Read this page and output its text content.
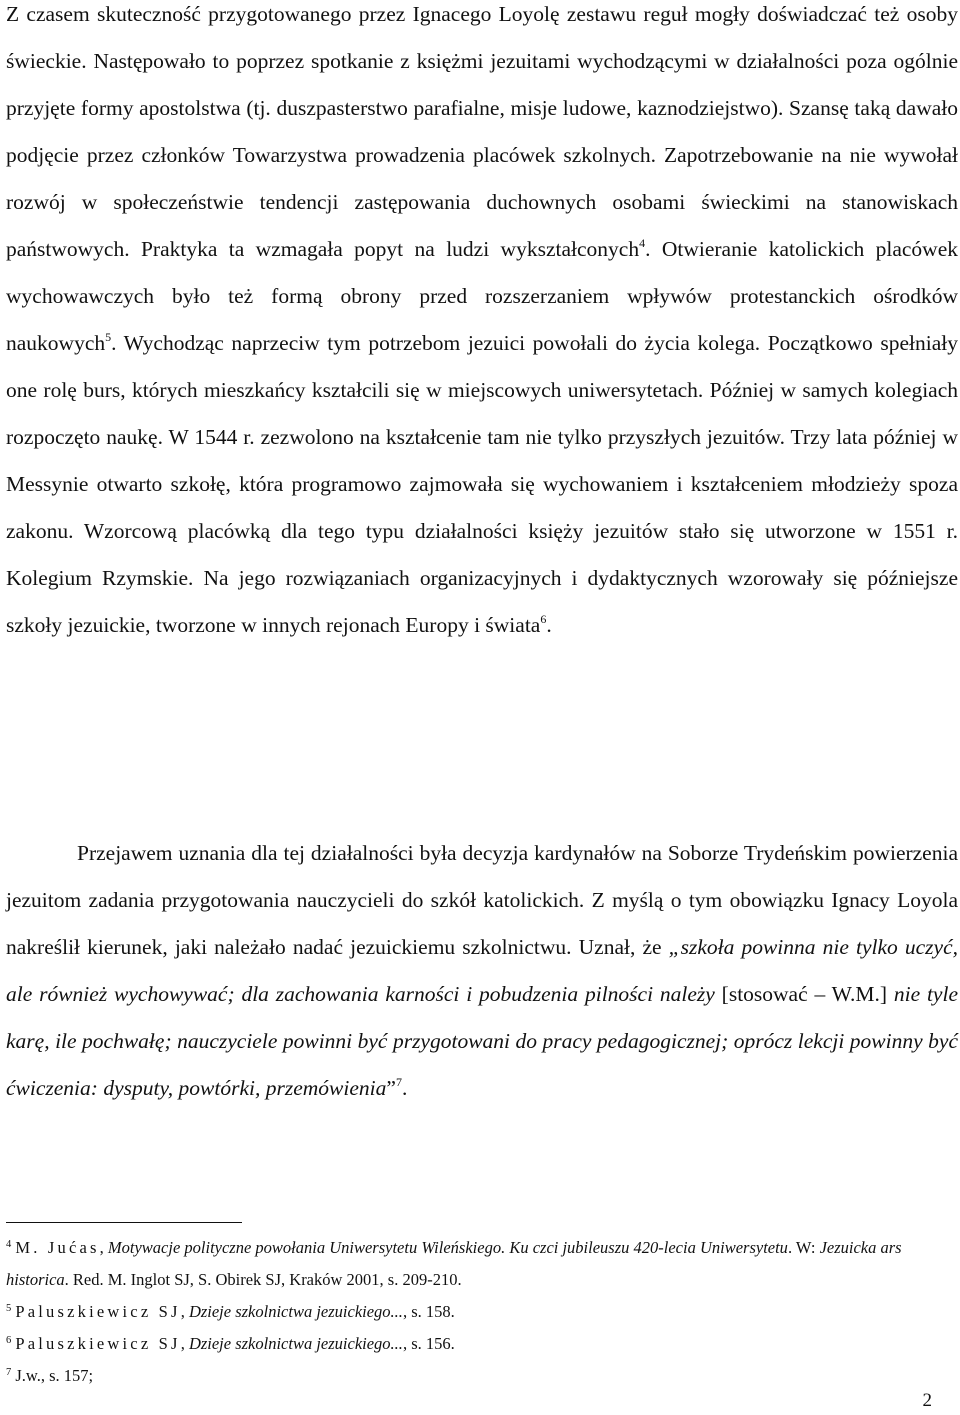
Z czasem skuteczność przygotowanego przez Ignacego Loyolę zestawu reguł mogły doświadczać też osoby świeckie. Następowało to poprzez spotkanie z księżmi jezuitami wychodzącymi w działalności poza ogólnie przyjęte formy apostolstwa (tj. duszpasterstwo parafialne, misje ludowe, kaznodziejstwo). Szansę taką dawało podjęcie przez członków Towarzystwa prowadzenia placówek szkolnych. Zapotrzebowanie na nie wywołał rozwój w społeczeństwie tendencji zastępowania duchownych osobami świeckimi na stanowiskach państwowych. Praktyka ta wzmagała popyt na ludzi wykształconych$^4$. Otwieranie katolickich placówek wychowawczych było też formą obrony przed rozszerzaniem wpływów protestanckich ośrodków naukowych$^5$. Wychodząc naprzeciw tym potrzebom jezuici powołali do życia kolega. Początkowo spełniały one rolę burs, których mieszkańcy kształcili się w miejscowych uniwersytetach. Później w samych kolegiach rozpoczęto naukę. W 1544 r. zezwolono na kształcenie tam nie tylko przyszłych jezuitów. Trzy lata później w Messynie otwarto szkołę, która programowo zajmowała się wychowaniem i kształceniem młodzieży spoza zakonu. Wzorcową placówką dla tego typu działalności księży jezuitów stało się utworzone w 1551 r. Kolegium Rzymskie. Na jego rozwiązaniach organizacyjnych i dydaktycznych wzorowały się późniejsze szkoły jezuickie, tworzone w innych rejonach Europy i świata$^6$.

Przejawem uznania dla tej działalności była decyzja kardynałów na Soborze Trydeńskim powierzenia jezuitom zadania przygotowania nauczycieli do szkół katolickich. Z myślą o tym obowiązku Ignacy Loyola nakreślił kierunek, jaki należało nadać jezuickiemu szkolnictwu. Uznał, że „szkoła powinna nie tylko uczyć, ale również wychowywać; dla zachowania karności i pobudzenia pilności należy [stosować – W.M.] nie tyle karę, ile pochwałę; nauczyciele powinni być przygotowani do pracy pedagogicznej; oprócz lekcji powinny być ćwiczenia: dysputy, powtórki, przemówienia”$^7$.

$^4$ M. Jućas, Motywacje polityczne powołania Uniwersytetu Wileńskiego. Ku czci jubileuszu 420-lecia Uniwersytetu. W: Jezuicka ars historica. Red. M. Inglot SJ, S. Obirek SJ, Kraków 2001, s. 209-210.

$^5$ Paluszkiewicz SJ, Dzieje szkolnictwa jezuickiego..., s. 158.

$^6$ Paluszkiewicz SJ, Dzieje szkolnictwa jezuickiego..., s. 156.

$^7$ J.w., s. 157;

2
